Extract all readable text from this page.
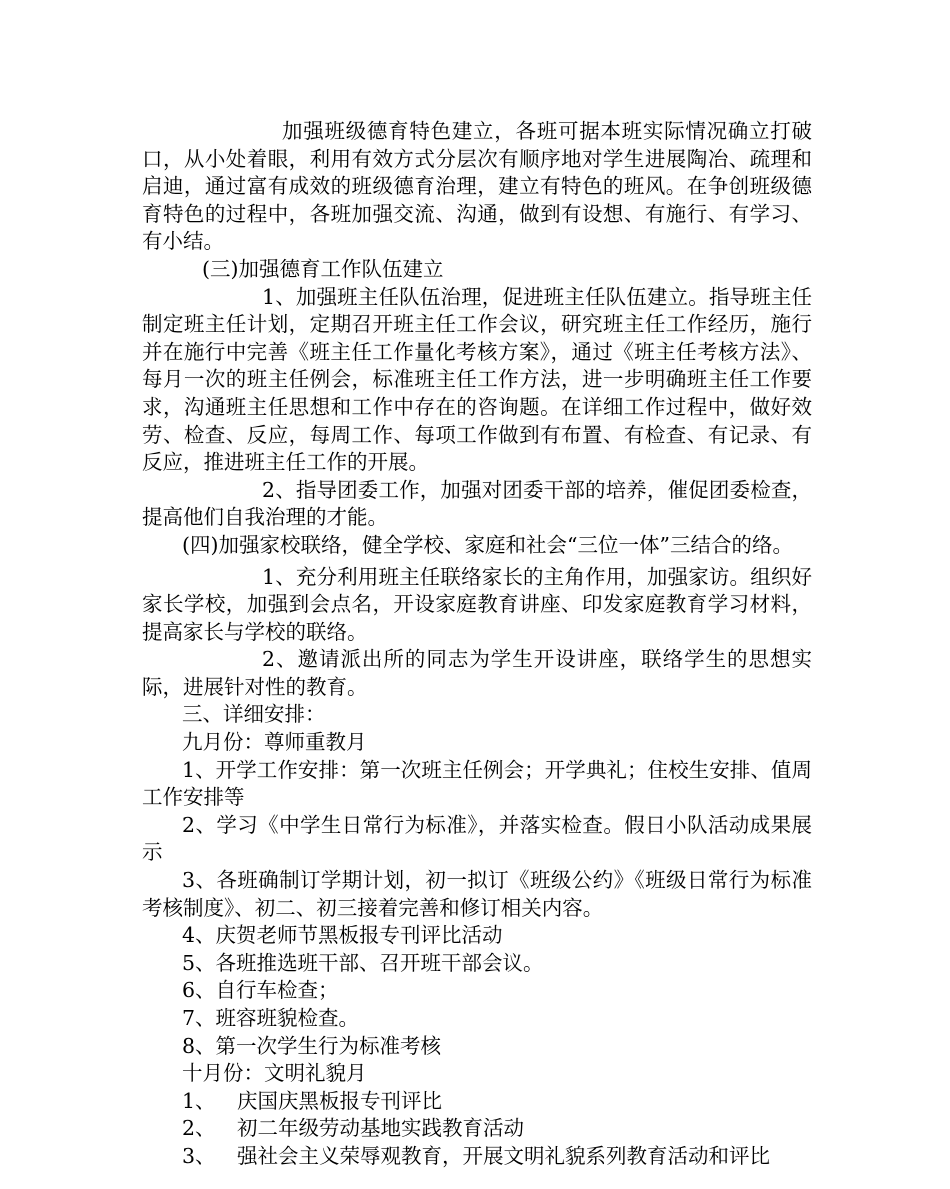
加强班级德育特色建立，各班可据本班实际情况确立打破口，从小处着眼，利用有效方式分层次有顺序地对学生进展陶冶、疏理和启迪，通过富有成效的班级德育治理，建立有特色的班风。在争创班级德育特色的过程中，各班加强交流、沟通，做到有设想、有施行、有学习、有小结。

(三)加强德育工作队伍建立

1、加强班主任队伍治理，促进班主任队伍建立。指导班主任制定班主任计划，定期召开班主任工作会议，研究班主任工作经历，施行并在施行中完善《班主任工作量化考核方案》，通过《班主任考核方法》、每月一次的班主任例会，标准班主任工作方法，进一步明确班主任工作要求，沟通班主任思想和工作中存在的咨询题。在详细工作过程中，做好效劳、检查、反应，每周工作、每项工作做到有布置、有检查、有记录、有反应，推进班主任工作的开展。

2、指导团委工作，加强对团委干部的培养，催促团委检查，提高他们自我治理的才能。

(四)加强家校联络，健全学校、家庭和社会“三位一体”三结合的络。

1、充分利用班主任联络家长的主角作用，加强家访。组织好家长学校，加强到会点名，开设家庭教育讲座、印发家庭教育学习材料，提高家长与学校的联络。

2、邀请派出所的同志为学生开设讲座，联络学生的思想实际，进展针对性的教育。

三、详细安排：

九月份：尊师重教月

1、开学工作安排：第一次班主任例会；开学典礼；住校生安排、值周工作安排等

2、学习《中学生日常行为标准》，并落实检查。假日小队活动成果展示

3、各班确制订学期计划，初一拟订《班级公约》《班级日常行为标准考核制度》、初二、初三接着完善和修订相关内容。

4、庆贺老师节黑板报专刊评比活动

5、各班推选班干部、召开班干部会议。

6、自行车检查；

7、班容班貌检查。

8、第一次学生行为标准考核

十月份：文明礼貌月

1、	庆国庆黑板报专刊评比
2、	初二年级劳动基地实践教育活动
3、	强社会主义荣辱观教育，开展文明礼貌系列教育活动和评比
